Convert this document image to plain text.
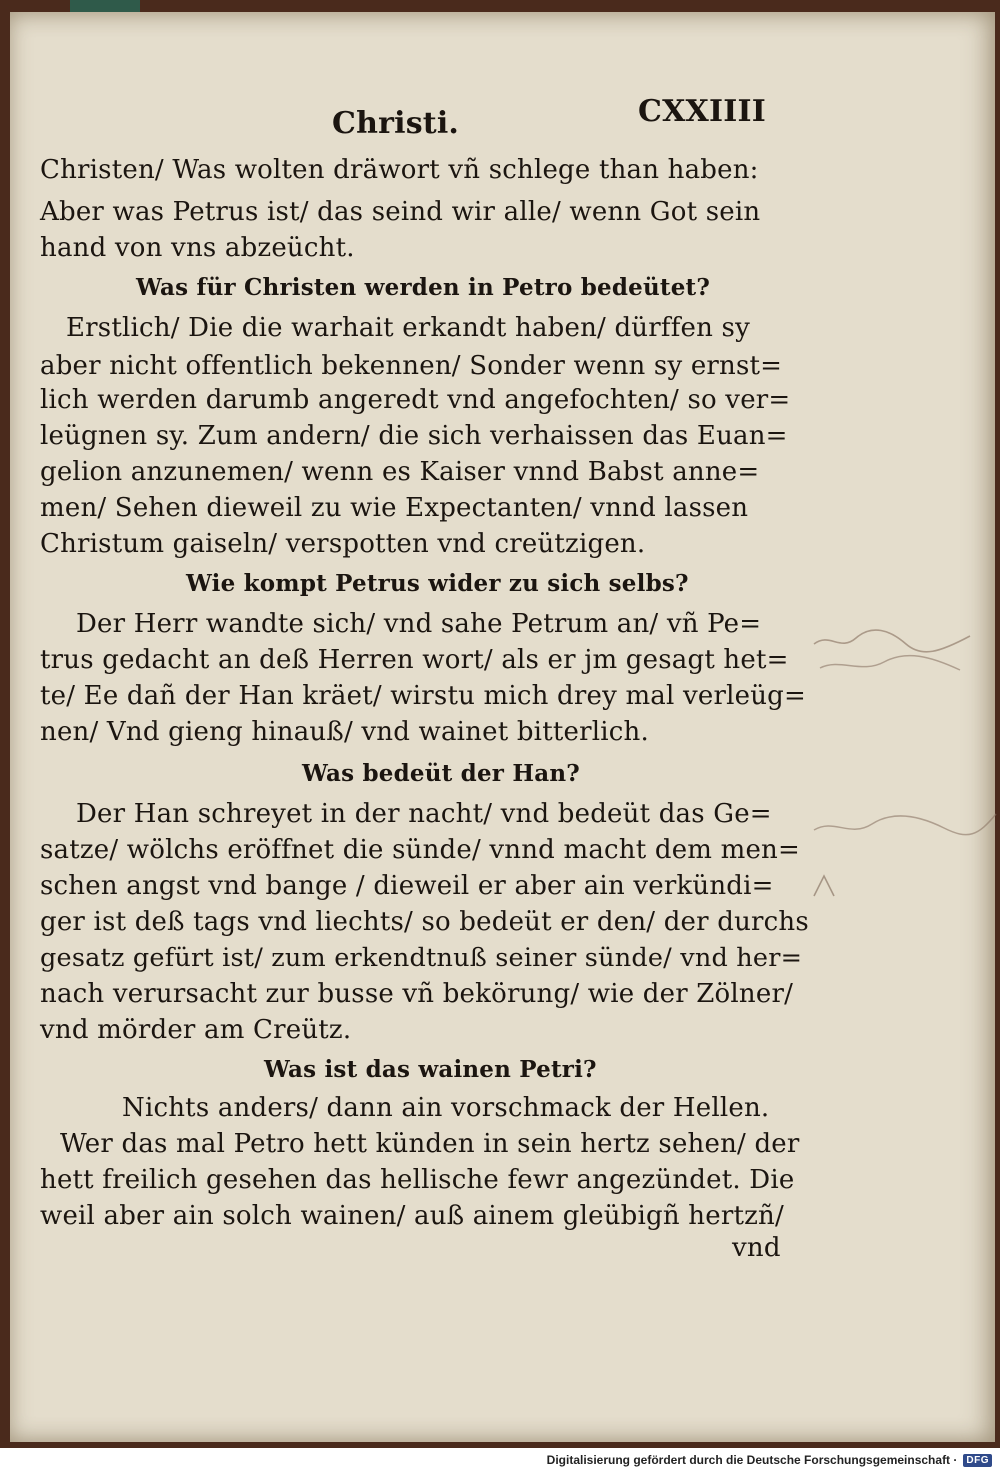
Christi.	CXXIIII
Christen/ Was wolten dräwort vñ schlege than haben:
Aber was Petrus ist/ das seind wir alle/ wenn Got sein
hand von vns abzeücht.
Was für Christen werden in Petro bedeütet?
Erstlich/ Die die warhait erkandt haben/ dürffen sy
aber nicht offentlich bekennen/ Sonder wenn sy ernst=
lich werden darumb angeredt vnd angefochten/ so ver=
leügnen sy. Zum andern/ die sich verhaissen das Euan=
gelion anzunemen/ wenn es Kaiser vnnd Babst anne=
men/ Sehen dieweil zu wie Expectanten/ vnnd lassen
Christum gaiseln/ verspotten vnd creützigen.
Wie kompt Petrus wider zu sich selbs?
Der Herr wandte sich/ vnd sahe Petrum an/ vñ Pe=
trus gedacht an deß Herren wort/ als er jm gesagt het=
te/ Ee dañ der Han kräet/ wirstu mich drey mal verleüg=
nen/ Vnd gieng hinauß/ vnd wainet bitterlich.
Was bedeüt der Han?
Der Han schreyet in der nacht/ vnd bedeüt das Ge=
satze/ wölchs eröffnet die sünde/ vnnd macht dem men=
schen angst vnd bange / dieweil er aber ain verkündi=
ger ist deß tags vnd liechts/ so bedeüt er den/ der durchs
gesatz gefürt ist/ zum erkendtnuß seiner sünde/ vnd her=
nach verursacht zur busse vñ bekörung/ wie der Zölner/
vnd mörder am Creütz.
Was ist das wainen Petri?
Nichts anders/ dann ain vorschmack der Hellen.
Wer das mal Petro hett künden in sein hertz sehen/ der
hett freilich gesehen das hellische fewr angezündet. Die
weil aber ain solch wainen/ auß ainem gleübigñ hertzñ/
vnd
Digitalisierung gefördert durch die Deutsche Forschungsgemeinschaft · DFG
